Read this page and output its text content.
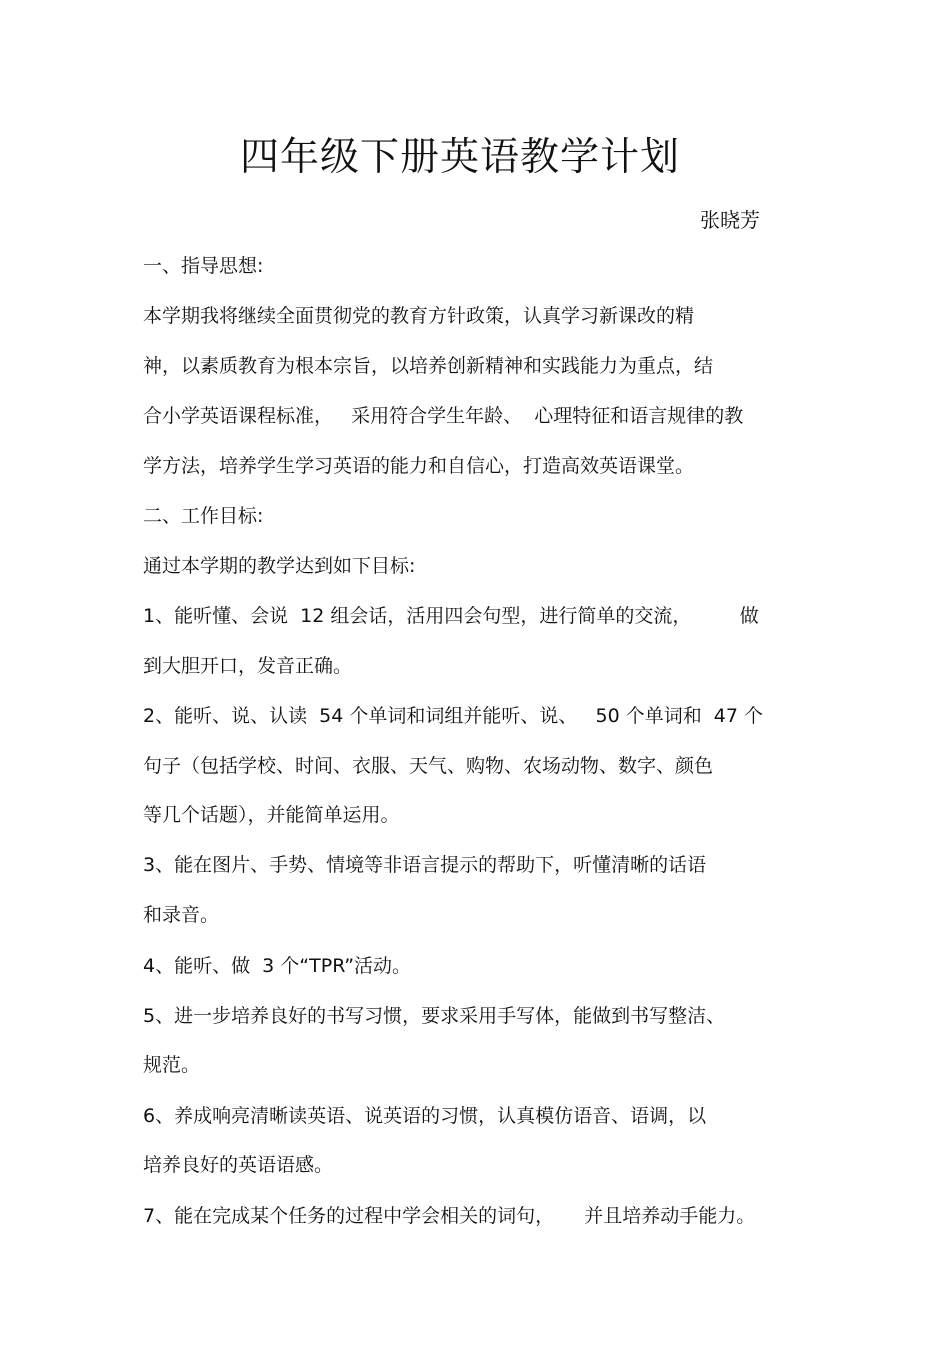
四年级下册英语教学计划
张晓芳
一、指导思想:
本学期我将继续全面贯彻党的教育方针政策，认真学习新课改的精
神，以素质教育为根本宗旨，以培养创新精神和实践能力为重点，结
合小学英语课程标准，   采用符合学生年龄、  心理特征和语言规律的教
学方法，培养学生学习英语的能力和自信心，打造高效英语课堂。
二、工作目标:
通过本学期的教学达到如下目标:
1、能听懂、会说  12 组会话，活用四会句型，进行简单的交流，        做
到大胆开口，发音正确。
2、能听、说、认读  54 个单词和词组并能听、说、   50 个单词和  47 个
句子（包括学校、时间、衣服、天气、购物、农场动物、数字、颜色
等几个话题），并能简单运用。
3、能在图片、手势、情境等非语言提示的帮助下，听懂清晰的话语
和录音。
4、能听、做  3 个“TPR”活动。
5、进一步培养良好的书写习惯，要求采用手写体，能做到书写整洁、
规范。
6、养成响亮清晰读英语、说英语的习惯，认真模仿语音、语调，以
培养良好的英语语感。
7、能在完成某个任务的过程中学会相关的词句，     并且培养动手能力。
